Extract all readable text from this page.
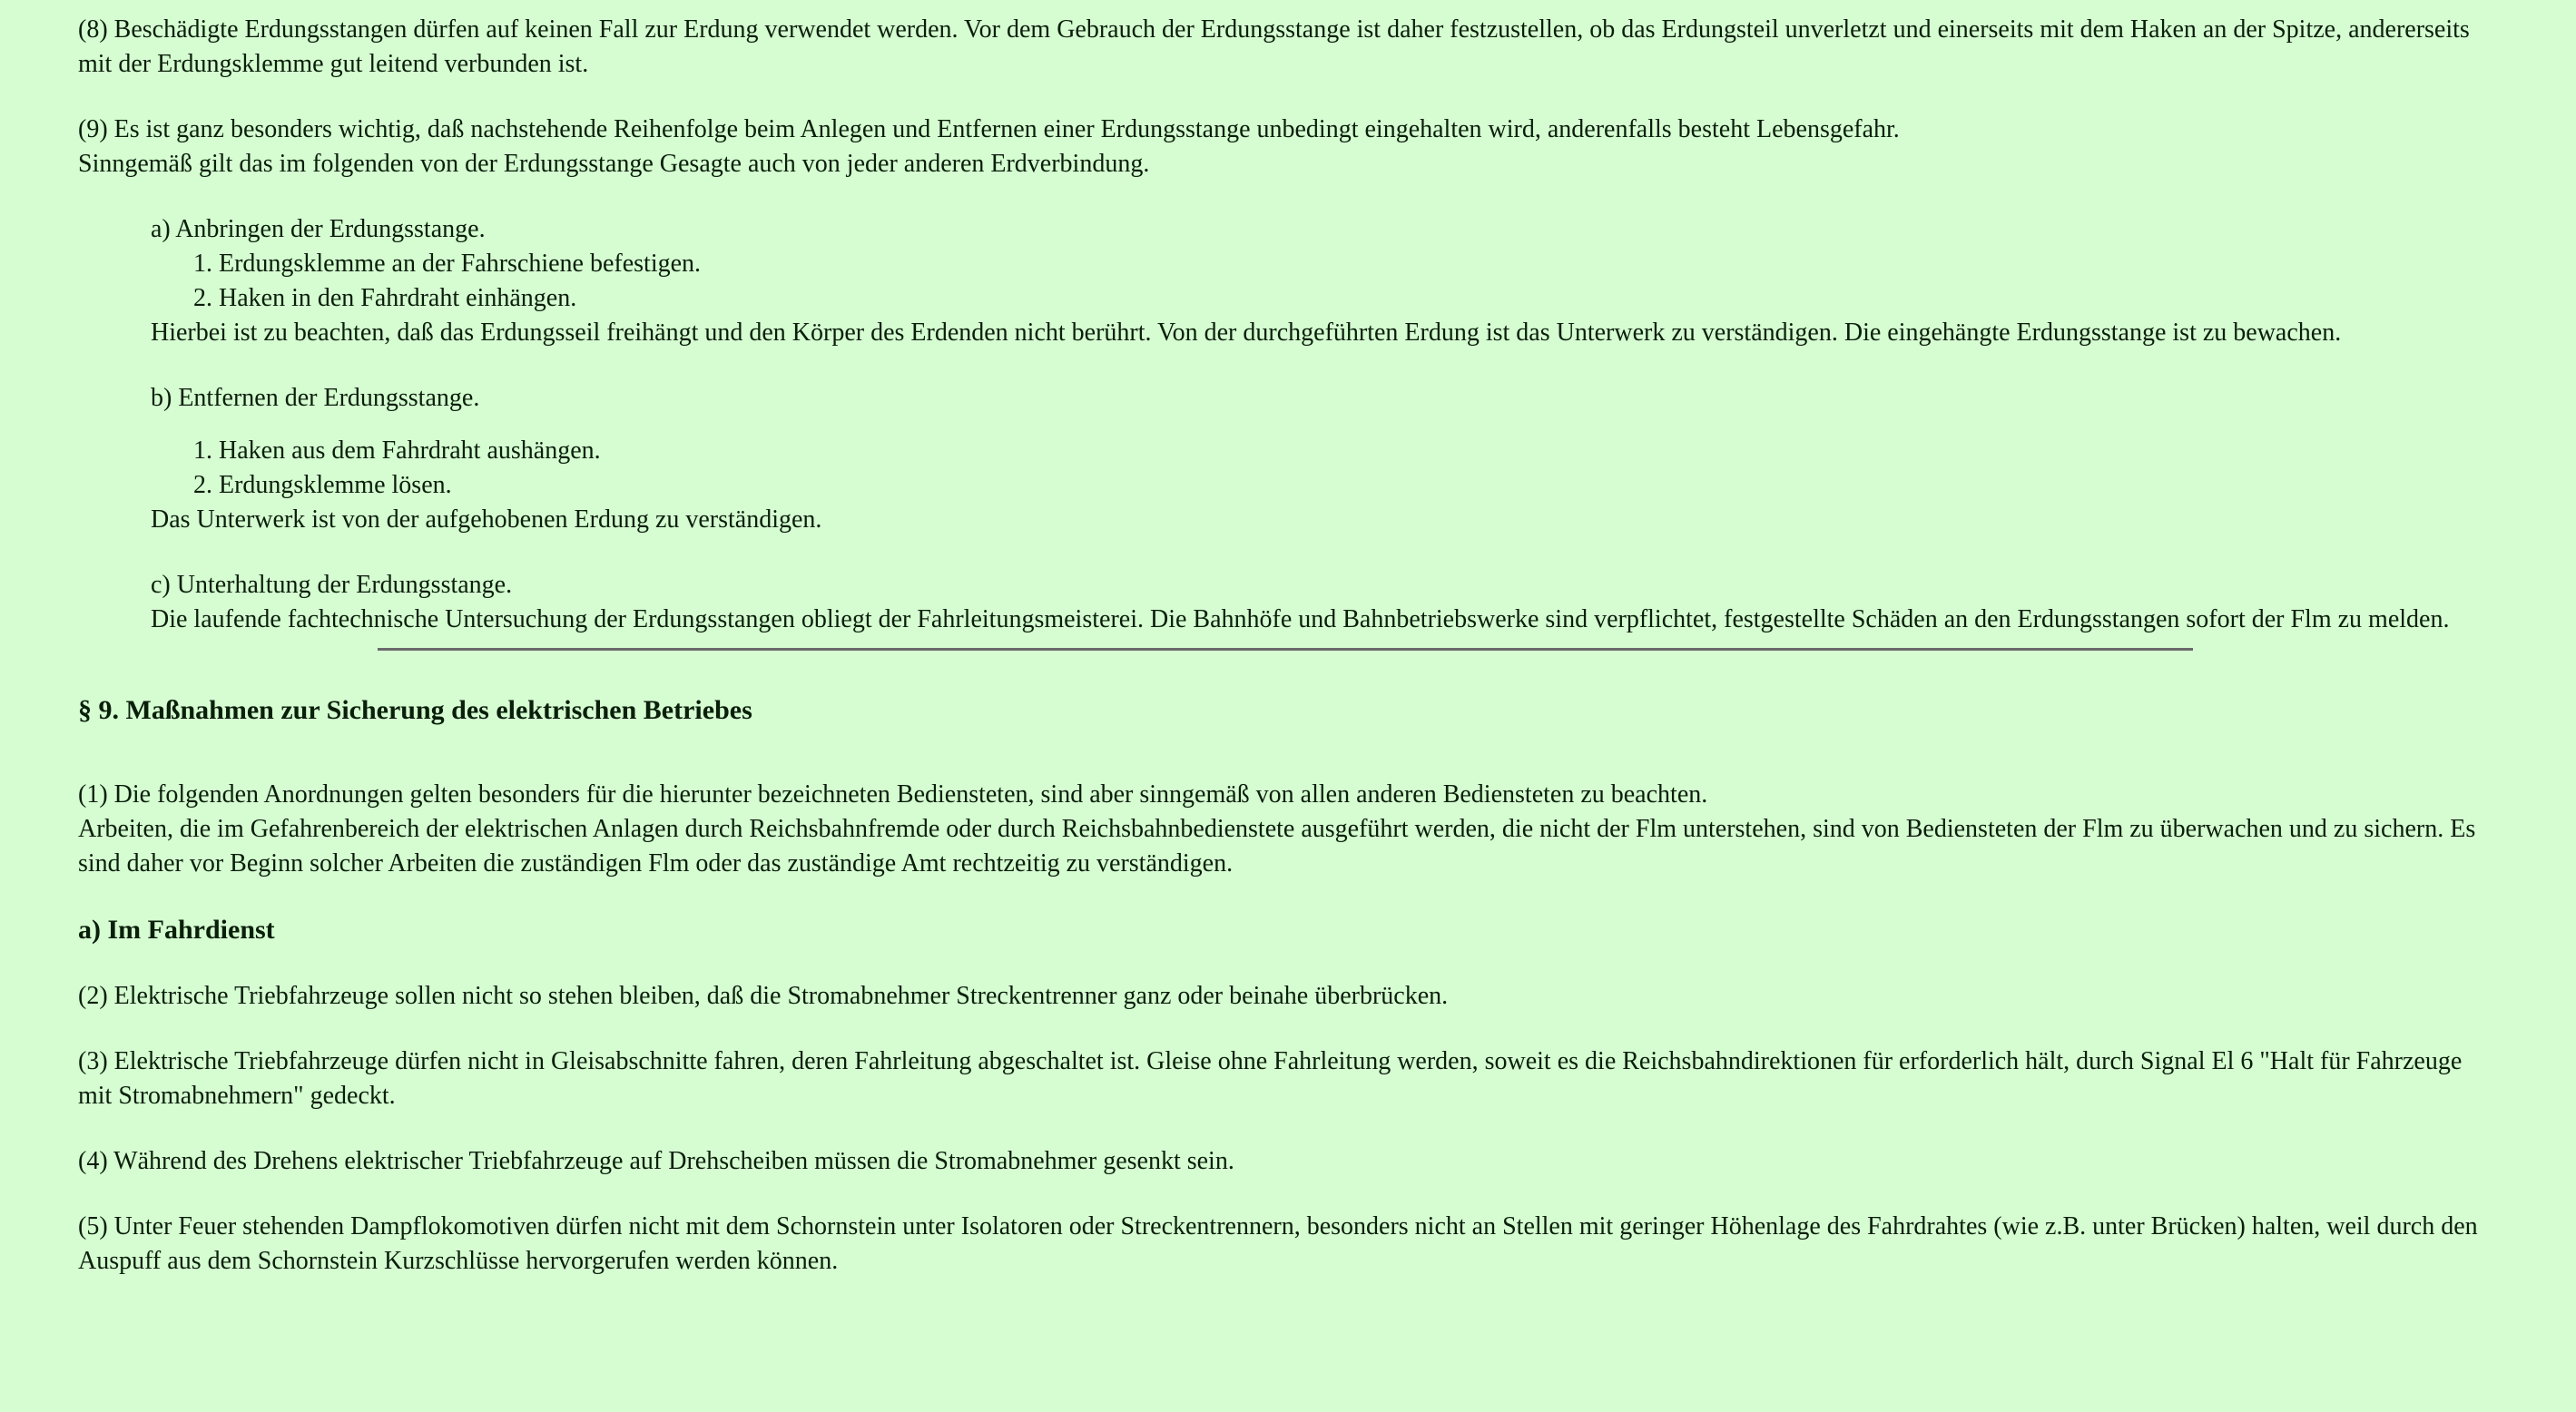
(8) Beschädigte Erdungsstangen dürfen auf keinen Fall zur Erdung verwendet werden. Vor dem Gebrauch der Erdungsstange ist daher festzustellen, ob das Erdungsteil unverletzt und einerseits mit dem Haken an der Spitze, andererseits mit der Erdungsklemme gut leitend verbunden ist.

(9) Es ist ganz besonders wichtig, daß nachstehende Reihenfolge beim Anlegen und Entfernen einer Erdungsstange unbedingt eingehalten wird, anderenfalls besteht Lebensgefahr.
Sinngemäß gilt das im folgenden von der Erdungsstange Gesagte auch von jeder anderen Erdverbindung.

a) Anbringen der Erdungsstange.

1. Erdungsklemme an der Fahrschiene befestigen.
2. Haken in den Fahrdraht einhängen.

Hierbei ist zu beachten, daß das Erdungsseil freihängt und den Körper des Erdenden nicht berührt. Von der durchgeführten Erdung ist das Unterwerk zu verständigen. Die eingehängte Erdungsstange ist zu bewachen.

b) Entfernen der Erdungsstange.

1. Haken aus dem Fahrdraht aushängen.
2. Erdungsklemme lösen.

Das Unterwerk ist von der aufgehobenen Erdung zu verständigen.

c) Unterhaltung der Erdungsstange.

Die laufende fachtechnische Untersuchung der Erdungsstangen obliegt der Fahrleitungsmeisterei. Die Bahnhöfe und Bahnbetriebswerke sind verpflichtet, festgestellte Schäden an den Erdungsstangen sofort der Flm zu melden.

§ 9. Maßnahmen zur Sicherung des elektrischen Betriebes

(1) Die folgenden Anordnungen gelten besonders für die hierunter bezeichneten Bediensteten, sind aber sinngemäß von allen anderen Bediensteten zu beachten.
Arbeiten, die im Gefahrenbereich der elektrischen Anlagen durch Reichsbahnfremde oder durch Reichsbahnbedienstete ausgeführt werden, die nicht der Flm unterstehen, sind von Bediensteten der Flm zu überwachen und zu sichern. Es sind daher vor Beginn solcher Arbeiten die zuständigen Flm oder das zuständige Amt rechtzeitig zu verständigen.

a) Im Fahrdienst

(2) Elektrische Triebfahrzeuge sollen nicht so stehen bleiben, daß die Stromabnehmer Streckentrenner ganz oder beinahe überbrücken.

(3) Elektrische Triebfahrzeuge dürfen nicht in Gleisabschnitte fahren, deren Fahrleitung abgeschaltet ist. Gleise ohne Fahrleitung werden, soweit es die Reichsbahndirektionen für erforderlich hält, durch Signal El 6 "Halt für Fahrzeuge mit Stromabnehmern" gedeckt.

(4) Während des Drehens elektrischer Triebfahrzeuge auf Drehscheiben müssen die Stromabnehmer gesenkt sein.

(5) Unter Feuer stehenden Dampflokomotiven dürfen nicht mit dem Schornstein unter Isolatoren oder Streckentrennern, besonders nicht an Stellen mit geringer Höhenlage des Fahrdrahtes (wie z.B. unter Brücken) halten, weil durch den Auspuff aus dem Schornstein Kurzschlüsse hervorgerufen werden können.
